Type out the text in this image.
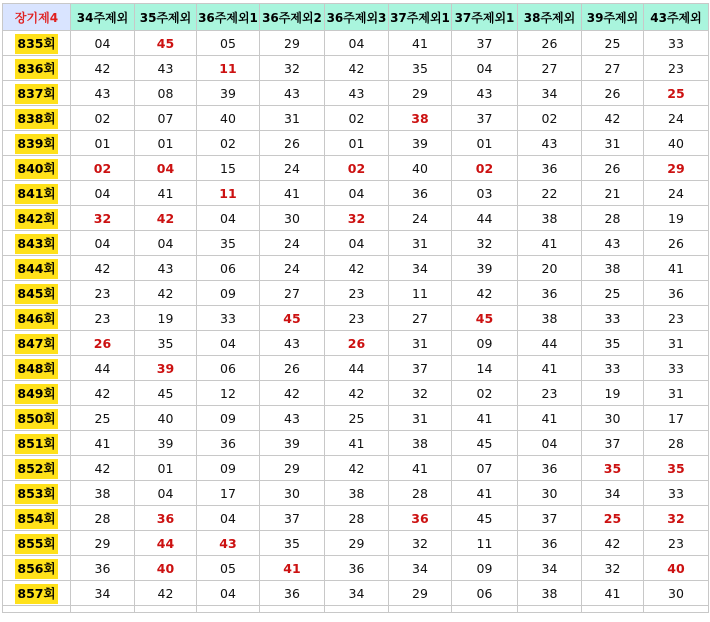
장기제4	34주제외	35주제외	36주제외1	36주제외2	36주제외3	37주제외1	37주제외1	38주제외	39주제외	43주제외
835회	04	45	05	29	04	41	37	26	25	33
836회	42	43	11	32	42	35	04	27	27	23
837회	43	08	39	43	43	29	43	34	26	25
838회	02	07	40	31	02	38	37	02	42	24
839회	01	01	02	26	01	39	01	43	31	40
840회	02	04	15	24	02	40	02	36	26	29
841회	04	41	11	41	04	36	03	22	21	24
842회	32	42	04	30	32	24	44	38	28	19
843회	04	04	35	24	04	31	32	41	43	26
844회	42	43	06	24	42	34	39	20	38	41
845회	23	42	09	27	23	11	42	36	25	36
846회	23	19	33	45	23	27	45	38	33	23
847회	26	35	04	43	26	31	09	44	35	31
848회	44	39	06	26	44	37	14	41	33	33
849회	42	45	12	42	42	32	02	23	19	31
850회	25	40	09	43	25	31	41	41	30	17
851회	41	39	36	39	41	38	45	04	37	28
852회	42	01	09	29	42	41	07	36	35	35
853회	38	04	17	30	38	28	41	30	34	33
854회	28	36	04	37	28	36	45	37	25	32
855회	29	44	43	35	29	32	11	36	42	23
856회	36	40	05	41	36	34	09	34	32	40
857회	34	42	04	36	34	29	06	38	41	30
